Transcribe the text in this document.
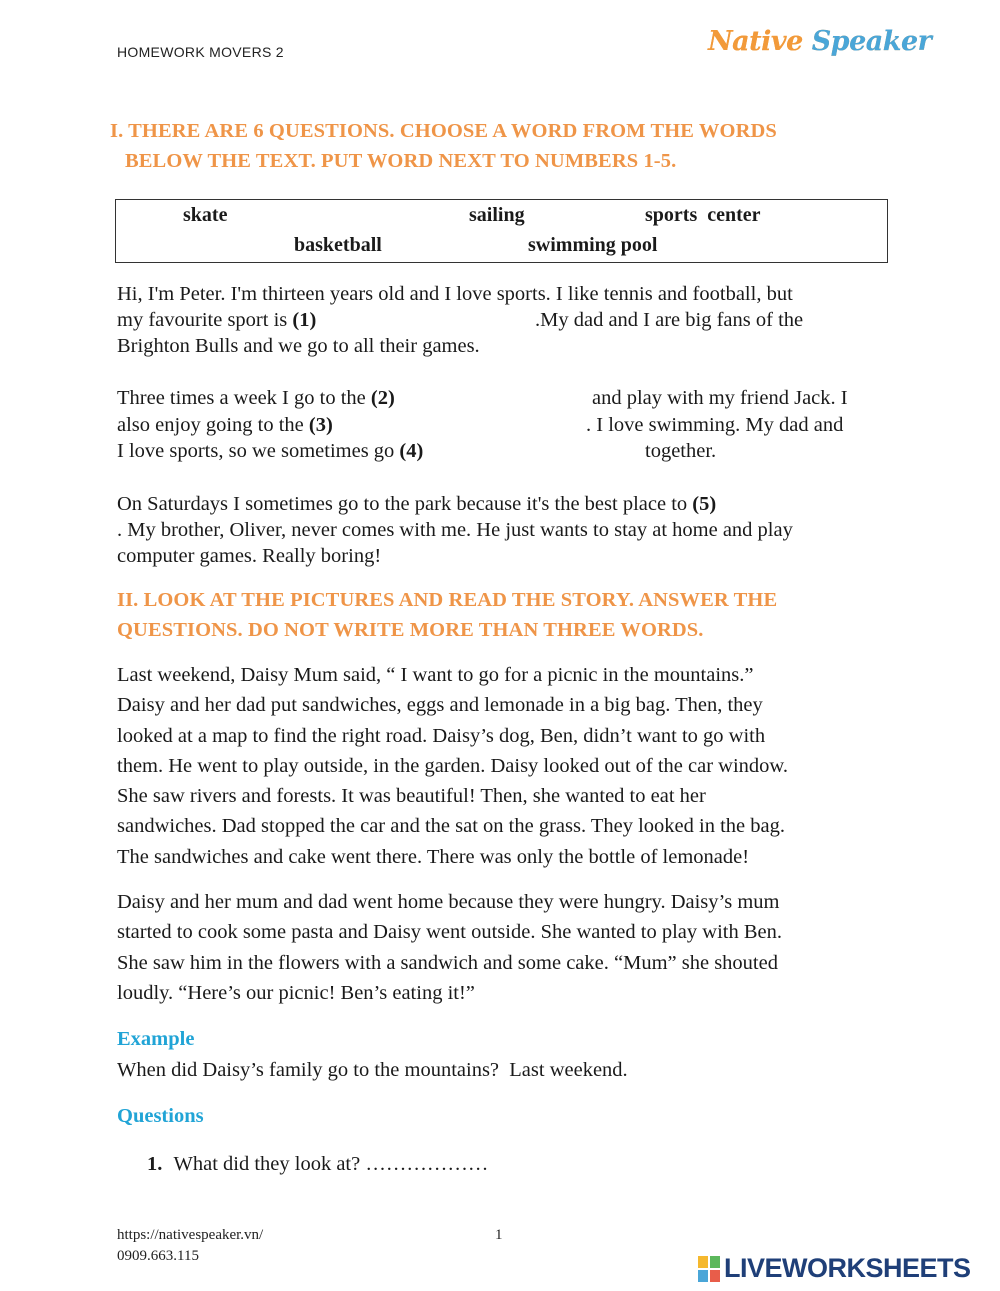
HOMEWORK MOVERS 2	Native Speaker
I. THERE ARE 6 QUESTIONS. CHOOSE A WORD FROM THE WORDS
BELOW THE TEXT. PUT WORD NEXT TO NUMBERS 1-5.
skate	sailing	sports  center
basketball	swimming pool
Hi, I'm Peter. I'm thirteen years old and I love sports. I like tennis and football, but
my favourite sport is (1)	.My dad and I are big fans of the
Brighton Bulls and we go to all their games.
Three times a week I go to the (2)	and play with my friend Jack. I
also enjoy going to the (3)	. I love swimming. My dad and
I love sports, so we sometimes go (4)	together.
On Saturdays I sometimes go to the park because it's the best place to (5)
. My brother, Oliver, never comes with me. He just wants to stay at home and play
computer games. Really boring!
II. LOOK AT THE PICTURES AND READ THE STORY. ANSWER THE
QUESTIONS. DO NOT WRITE MORE THAN THREE WORDS.
Last weekend, Daisy Mum said, “ I want to go for a picnic in the mountains.”
Daisy and her dad put sandwiches, eggs and lemonade in a big bag. Then, they
looked at a map to find the right road. Daisy’s dog, Ben, didn’t want to go with
them. He went to play outside, in the garden. Daisy looked out of the car window.
She saw rivers and forests. It was beautiful! Then, she wanted to eat her
sandwiches. Dad stopped the car and the sat on the grass. They looked in the bag.
The sandwiches and cake went there. There was only the bottle of lemonade!
Daisy and her mum and dad went home because they were hungry. Daisy’s mum
started to cook some pasta and Daisy went outside. She wanted to play with Ben.
She saw him in the flowers with a sandwich and some cake. “Mum” she shouted
loudly. “Here’s our picnic! Ben’s eating it!”
Example
When did Daisy’s family go to the mountains?  Last weekend.
Questions
1. What did they look at? ………………
https://nativespeaker.vn/
0909.663.115
1
LIVEWORKSHEETS
